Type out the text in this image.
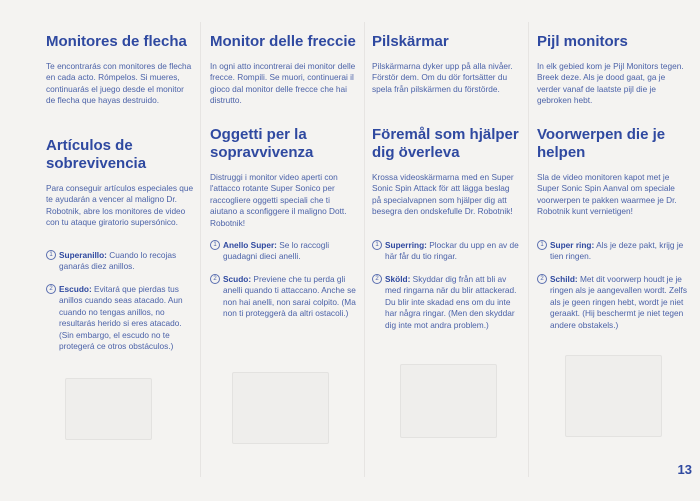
Monitores de flecha

Te encontrarás con monitores de flecha en cada acto. Rómpelos. Si mueres, continuarás el juego desde el monitor de flecha que hayas destruido.

Artículos de sobrevivencia

Para conseguir artículos especiales que te ayudarán a vencer al maligno Dr. Robotnik, abre los monitores de video con tu ataque giratorio supersónico.

1 Superanillo: Cuando lo recojas ganarás diez anillos.
2 Escudo: Evitará que pierdas tus anillos cuando seas atacado. Aun cuando no tengas anillos, no resultarás herido si eres atacado. (Sin embargo, el escudo no te protegerá ce otros obstáculos.)
Monitor delle freccie

In ogni atto incontrerai dei monitor delle frecce. Rompili. Se muori, continuerai il gioco dal monitor delle frecce che hai distrutto.

Oggetti per la sopravvivenza

Distruggi i monitor video aperti con l'attacco rotante Super Sonico per raccogliere oggetti speciali che ti aiutano a sconfiggere il maligno Dott. Robotnik!

1 Anello Super: Se lo raccogli guadagni dieci anelli.
2 Scudo: Previene che tu perda gli anelli quando ti attaccano. Anche se non hai anelli, non sarai colpito. (Ma non ti proteggerà da altri ostacoli.)
Pilskärmar

Pilskärmarna dyker upp på alla nivåer. Förstör dem. Om du dör fortsätter du spela från pilskärmen du förstörde.

Föremål som hjälper dig överleva

Krossa videoskärmarna med en Super Sonic Spin Attack för att lägga beslag på specialvapnen som hjälper dig att besegra den ondskefulle Dr. Robotnik!

1 Superring: Plockar du upp en av de här får du tio ringar.
2 Sköld: Skyddar dig från att bli av med ringarna när du blir attackerad. Du blir inte skadad ens om du inte har några ringar. (Men den skyddar dig inte mot andra problem.)
Pijl monitors

In elk gebied kom je Pijl Monitors tegen. Breek deze. Als je dood gaat, ga je verder vanaf de laatste pijl die je gebroken hebt.

Voorwerpen die je helpen

Sla de video monitoren kapot met je Super Sonic Spin Aanval om speciale voorwerpen te pakken waarmee je Dr. Robotnik kunt vernietigen!

1 Super ring: Als je deze pakt, krijg je tien ringen.
2 Schild: Met dit voorwerp houdt je je ringen als je aangevallen wordt. Zelfs als je geen ringen hebt, wordt je niet geraakt. (Hij beschermt je niet tegen andere obstakels.)
13
